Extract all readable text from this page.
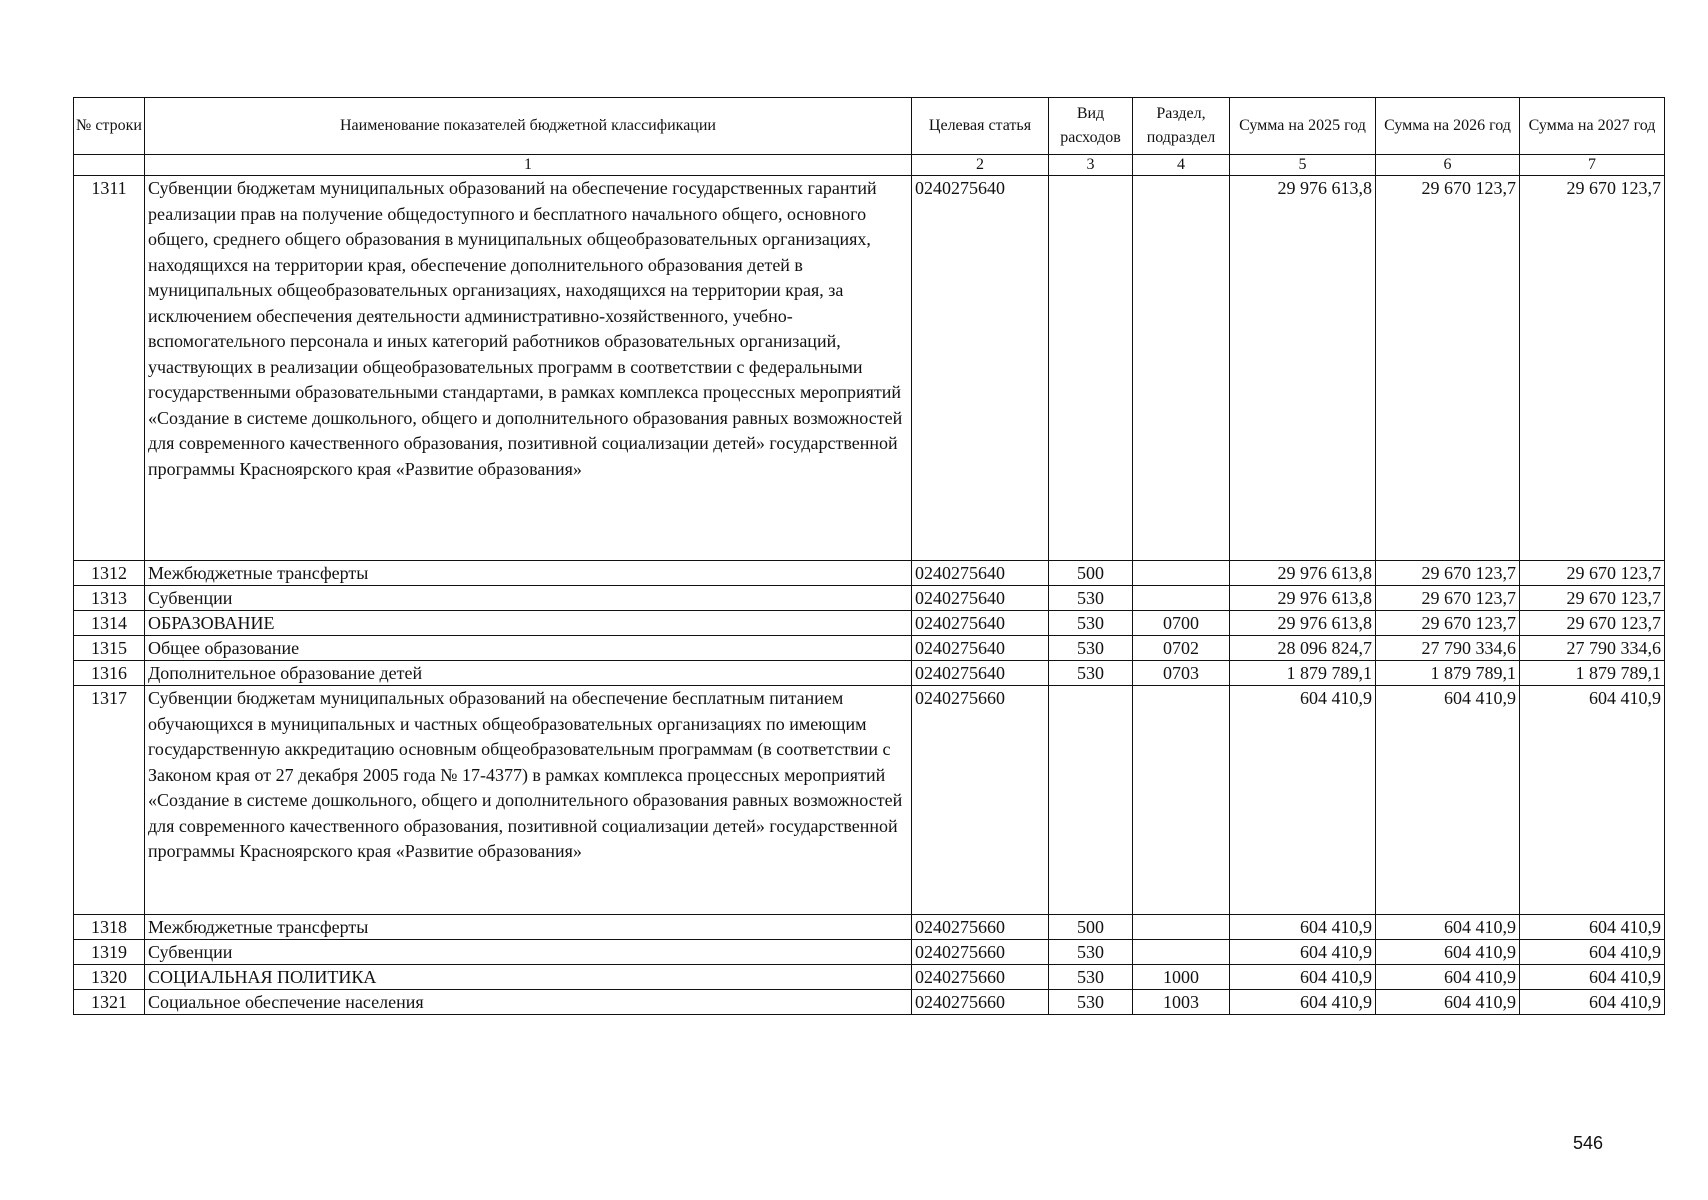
№ строки	Наименование показателей бюджетной классификации	Целевая статья	Вид расходов	Раздел, подраздел	Сумма на 2025 год	Сумма на 2026 год	Сумма на 2027 год
	1	2	3	4	5	6	7
1311	Субвенции бюджетам муниципальных образований на обеспечение государственных гарантий реализации прав на получение общедоступного и бесплатного начального общего, основного общего, среднего общего образования в муниципальных общеобразовательных организациях, находящихся на территории края, обеспечение дополнительного образования детей в муниципальных общеобразовательных организациях, находящихся на территории края, за исключением обеспечения деятельности административно-хозяйственного, учебно-вспомогательного персонала и иных категорий работников образовательных организаций, участвующих в реализации общеобразовательных программ в соответствии с федеральными государственными образовательными стандартами, в рамках комплекса процессных мероприятий «Создание в системе дошкольного, общего и дополнительного образования равных возможностей для современного качественного образования, позитивной социализации детей» государственной программы Красноярского края «Развитие образования»	0240275640			29 976 613,8	29 670 123,7	29 670 123,7
1312	Межбюджетные трансферты	0240275640	500		29 976 613,8	29 670 123,7	29 670 123,7
1313	Субвенции	0240275640	530		29 976 613,8	29 670 123,7	29 670 123,7
1314	ОБРАЗОВАНИЕ	0240275640	530	0700	29 976 613,8	29 670 123,7	29 670 123,7
1315	Общее образование	0240275640	530	0702	28 096 824,7	27 790 334,6	27 790 334,6
1316	Дополнительное образование детей	0240275640	530	0703	1 879 789,1	1 879 789,1	1 879 789,1
1317	Субвенции бюджетам муниципальных образований на обеспечение бесплатным питанием обучающихся в муниципальных и частных общеобразовательных организациях по имеющим государственную аккредитацию основным общеобразовательным программам (в соответствии с Законом края от 27 декабря 2005 года № 17-4377) в рамках комплекса процессных мероприятий «Создание в системе дошкольного, общего и дополнительного образования равных возможностей для современного качественного образования, позитивной социализации детей» государственной программы Красноярского края «Развитие образования»	0240275660			604 410,9	604 410,9	604 410,9
1318	Межбюджетные трансферты	0240275660	500		604 410,9	604 410,9	604 410,9
1319	Субвенции	0240275660	530		604 410,9	604 410,9	604 410,9
1320	СОЦИАЛЬНАЯ ПОЛИТИКА	0240275660	530	1000	604 410,9	604 410,9	604 410,9
1321	Социальное обеспечение населения	0240275660	530	1003	604 410,9	604 410,9	604 410,9
546
